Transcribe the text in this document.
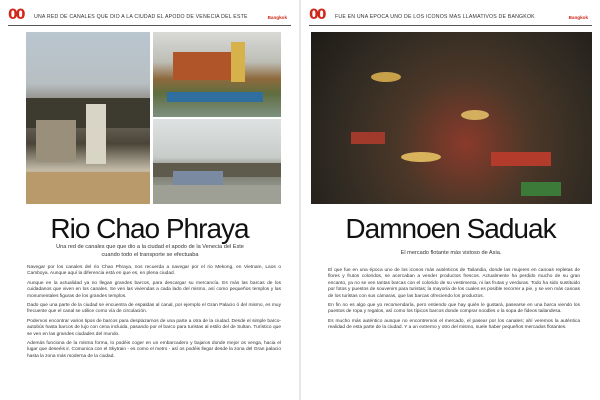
00	UNA RED DE CANALES QUE DIO A LA CIUDAD EL APODO DE VENECIA DEL ESTE	Bangkok
Rio Chao Phraya
Una red de canales que que dio a la ciudad el apodo de la Venecia del Este cuando todo el transporte se efectuaba

Navegar por los canales del rio Chao Phraya, nos recuerda a navegar por el rio Mekong, en Vietnam, Laos o Camboya. Aunque aquí la diferencia está en que es, en plena ciudad.

Aunque en la actualidad ya no llegan grandes barcos, para descargar su mercancía. Es más las barcas de los cuidadanos que viven en los canales. Se ven las viviendas a cada lado del mismo, así como pequeños templos y las monumentales figuras de los grandes templos.

Dado que una parte de la ciudad se encuentra de espaldas al canal, por ejemplo el Gran Palacio ó del mismo, es muy frecuente que el canal se utilice como vía de circulación.

Podemos encontrar varios tipos de barcos para desplazarnos de una parte a otra de la ciudad. Desde el simple barco-autobús hasta barcos de lujo con cena incluida, pasando por el barco para turistas al estilo del de Sultan. Turístico que se ven en las grandes ciudades del mundo.

Además funciona de la misma forma, lo podéis coger en un embarcadero y bajaros donde mejor os venga, hacia el lugar que deseéis ir. Comunica con el Skytrain - es como el metro - así os podéis llegar desde la zona del Gran palacio hasta la zona más moderna de la ciudad.

00	FUE EN UNA ÉPOCA UNO DE LOS ICONOS MÁS LLAMATIVOS DE BANGKOK	Bangkok
Damnoen Saduak
El mercado flotante más vistoso de Asia.

El que fue en una época uno de los iconos más auténticos de Tailandia, donde las mujeres en canoas repletas de flores y frutos coloridos, se acercaban a vender productos frescos. Actualmente ha perdido mucho de su gran encanto, ya no se ven tantas barcas con el colorido de su vestimenta, ni las frutas y verduras. Todo ha sido sustituido por fotos y puestos de souvenirs para turistas; la mayoría de los cuales es posible recorrer a pie, y se ven más canoas de los turistas con sus cámaras, que las barcas ofreciendo los productos.

En fin no es algo que yo recomendaría, pero entiendo que hay quién le gustará, pasearse en una barca viendo los puestos de ropa y regalos, así como los típicos barcos donde comprar noodles o la sopa de fideos tailandesa.

Es mucho más auténtico aunque no encontremos el mercado, el pasear por los canales; ahí veremos la auténtica realidad de esta parte de la ciudad. Y a un extremo y otro del mismo, suele haber pequeños mercados flotantes.
